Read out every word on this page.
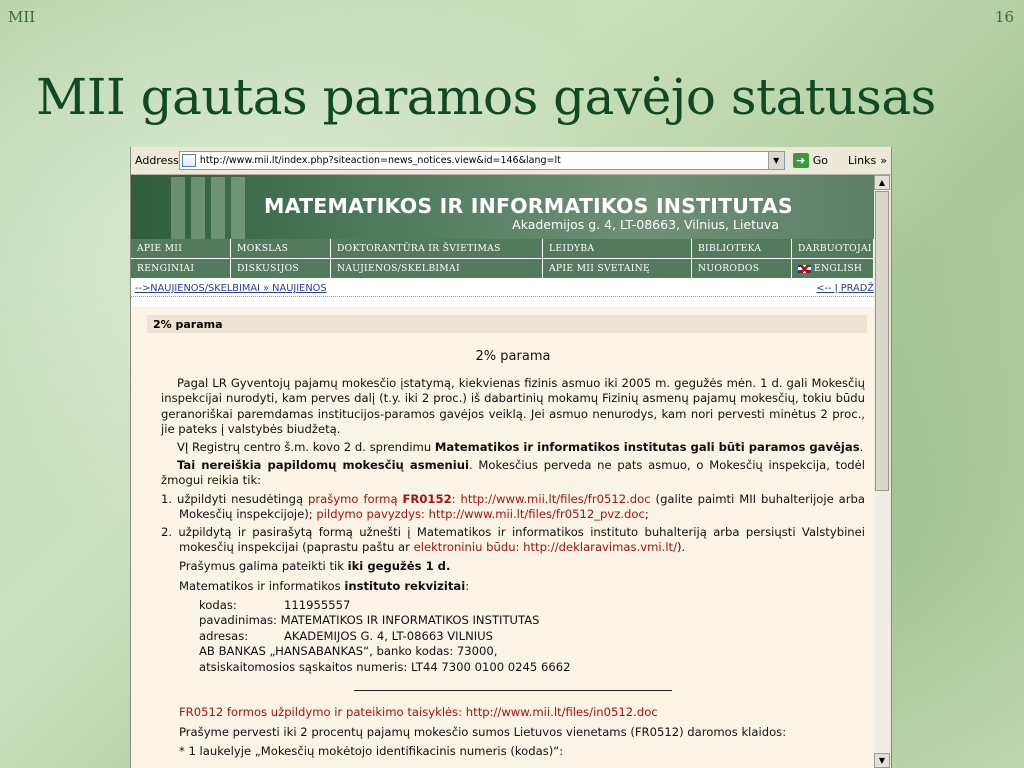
MII	16
MII gautas paramos gavėjo statusas
Address http://www.mii.lt/index.php?siteaction=news_notices.view&id=146&lang=lt	▼	➔ Go Links »
MATEMATIKOS IR INFORMATIKOS INSTITUTAS
Akademijos g. 4, LT-08663, Vilnius, Lietuva
APIE MII	MOKSLAS	DOKTORANTŪRA IR ŠVIETIMAS	LEIDYBA	BIBLIOTEKA	DARBUOTOJAI
RENGINIAI	DISKUSIJOS	NAUJIENOS/SKELBIMAI	APIE MII SVETAINĘ	NUORODOS	ENGLISH
-->NAUJIENOS/SKELBIMAI » NAUJIENOS	<-- Į PRADŽ
2% parama
2% parama

Pagal LR Gyventojų pajamų mokesčio įstatymą, kiekvienas fizinis asmuo iki 2005 m. gegužės mėn. 1 d. gali Mokesčių inspekcijai nurodyti, kam perves dalį (t.y. iki 2 proc.) iš dabartinių mokamų Fizinių asmenų pajamų mokesčių, tokiu būdu geranoriškai paremdamas institucijos-paramos gavėjos veiklą. Jei asmuo nenurodys, kam nori pervesti minėtus 2 proc., jie pateks į valstybės biudžetą.

VĮ Registrų centro š.m. kovo 2 d. sprendimu Matematikos ir informatikos institutas gali būti paramos gavėjas.

Tai nereiškia papildomų mokesčių asmeniui. Mokesčius perveda ne pats asmuo, o Mokesčių inspekcija, todėl žmogui reikia tik:

1. užpildyti nesudėtingą prašymo formą FR0152: http://www.mii.lt/files/fr0512.doc (galite paimti MII buhalterijoje arba Mokesčių inspekcijoje); pildymo pavyzdys: http://www.mii.lt/files/fr0512_pvz.doc;

2. užpildytą ir pasirašytą formą užnešti į Matematikos ir informatikos instituto buhalteriją arba persiųsti Valstybinei mokesčių inspekcijai (paprastu paštu ar elektroniniu būdu: http://deklaravimas.vmi.lt/).

Prašymus galima pateikti tik iki gegužės 1 d.

Matematikos ir informatikos instituto rekvizitai:

kodas:	111955557
pavadinimas:
MATEMATIKOS IR INFORMATIKOS INSTITUTAS
adresas:	AKADEMIJOS G. 4, LT-08663 VILNIUS
AB BANKAS „HANSABANKAS“, banko kodas: 73000,
atsiskaitomosios sąskaitos numeris: LT44 7300 0100 0245 6662

FR0512 formos užpildymo ir pateikimo taisyklės: http://www.mii.lt/files/in0512.doc

Prašyme pervesti iki 2 procentų pajamų mokesčio sumos Lietuvos vienetams (FR0512) daromos klaidos:

* 1 laukelyje „Mokesčių mokėtojo identifikacinis numeris (kodas)“:

▲
▼
